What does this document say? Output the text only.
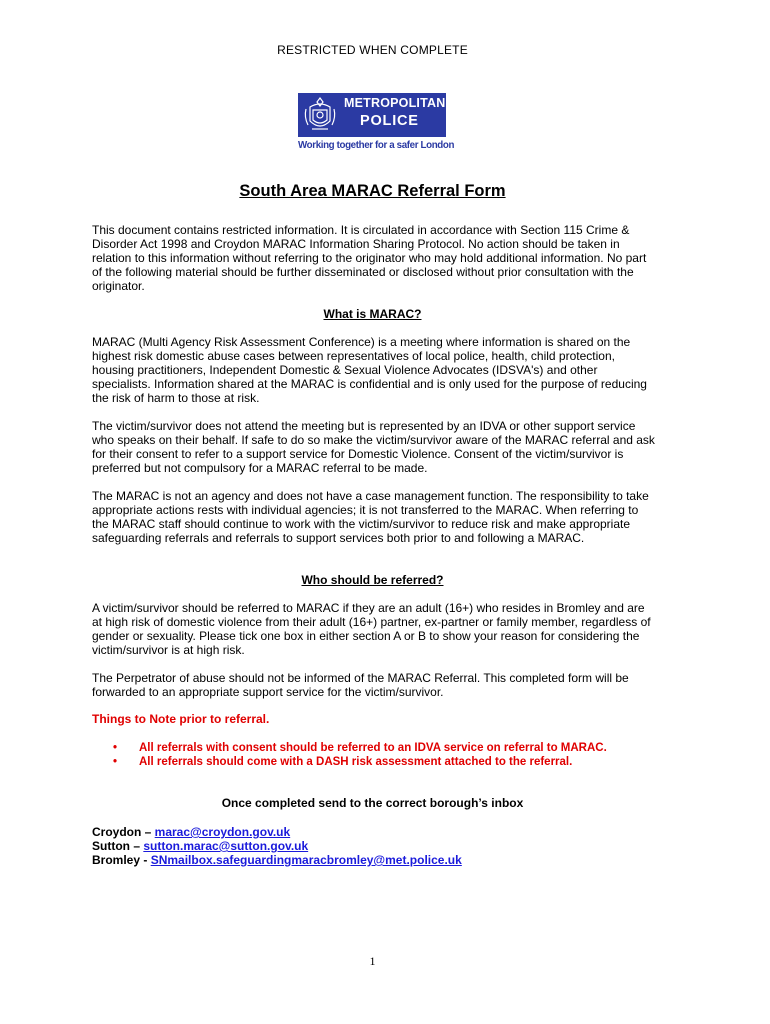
RESTRICTED WHEN COMPLETE
METROPOLITAN
POLICE
Working together for a safer London
South Area MARAC Referral Form
This document contains restricted information. It is circulated in accordance with Section 115 Crime & Disorder Act 1998 and Croydon MARAC Information Sharing Protocol. No action should be taken in relation to this information without referring to the originator who may hold additional information. No part of the following material should be further disseminated or disclosed without prior consultation with the originator.
What is MARAC?
MARAC (Multi Agency Risk Assessment Conference) is a meeting where information is shared on the highest risk domestic abuse cases between representatives of local police, health, child protection, housing practitioners, Independent Domestic & Sexual Violence Advocates (IDSVA's) and other specialists. Information shared at the MARAC is confidential and is only used for the purpose of reducing the risk of harm to those at risk.
The victim/survivor does not attend the meeting but is represented by an IDVA or other support service who speaks on their behalf. If safe to do so make the victim/survivor aware of the MARAC referral and ask for their consent to refer to a support service for Domestic Violence. Consent of the victim/survivor is preferred but not compulsory for a MARAC referral to be made.
The MARAC is not an agency and does not have a case management function. The responsibility to take appropriate actions rests with individual agencies; it is not transferred to the MARAC. When referring to the MARAC staff should continue to work with the victim/survivor to reduce risk and make appropriate safeguarding referrals and referrals to support services both prior to and following a MARAC.
Who should be referred?
A victim/survivor should be referred to MARAC if they are an adult (16+) who resides in Bromley and are at high risk of domestic violence from their adult (16+) partner, ex-partner or family member, regardless of gender or sexuality. Please tick one box in either section A or B to show your reason for considering the victim/survivor is at high risk.
The Perpetrator of abuse should not be informed of the MARAC Referral. This completed form will be forwarded to an appropriate support service for the victim/survivor.
Things to Note prior to referral.
• All referrals with consent should be referred to an IDVA service on referral to MARAC.
• All referrals should come with a DASH risk assessment attached to the referral.
Once completed send to the correct borough’s inbox
Croydon – marac@croydon.gov.uk
Sutton – sutton.marac@sutton.gov.uk
Bromley - SNmailbox.safeguardingmaracbromley@met.police.uk
1
